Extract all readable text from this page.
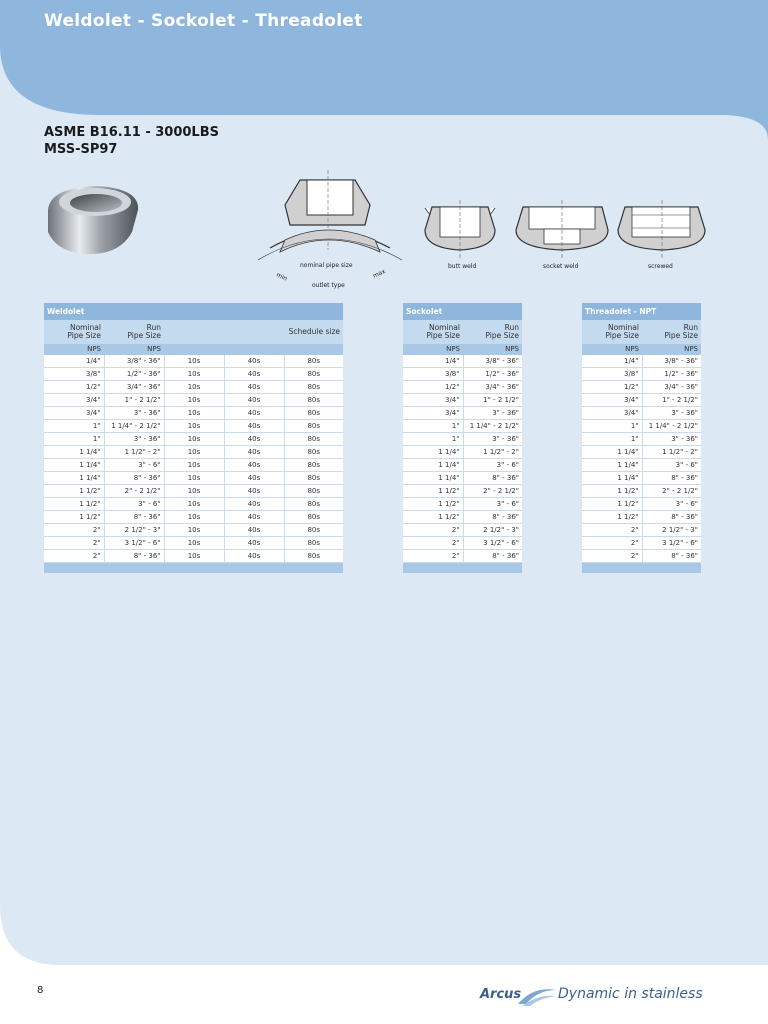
Weldolet - Sockolet - Threadolet
ASME B16.11 - 3000LBS
MSS-SP97
nominal pipe size
min	max
outlet type
butt weld	socket weld	screwed
Weldolet				
Nominal
Pipe Size	Run
Pipe Size	Schedule size		
NPS	NPS			
1/4"	3/8" - 36"	10s	40s	80s
3/8"	1/2" - 36"	10s	40s	80s
1/2"	3/4" - 36"	10s	40s	80s
3/4"	1" - 2 1/2"	10s	40s	80s
3/4"	3" - 36"	10s	40s	80s
1"	1 1/4" - 2 1/2"	10s	40s	80s
1"	3" - 36"	10s	40s	80s
1 1/4"	1 1/2" - 2"	10s	40s	80s
1 1/4"	3" - 6"	10s	40s	80s
1 1/4"	8" - 36"	10s	40s	80s
1 1/2"	2" - 2 1/2"	10s	40s	80s
1 1/2"	3" - 6"	10s	40s	80s
1 1/2"	8" - 36"	10s	40s	80s
2"	2 1/2" - 3"	10s	40s	80s
2"	3 1/2" - 6"	10s	40s	80s
2"	8" - 36"	10s	40s	80s

Sockolet	
Nominal
Pipe Size	Run
Pipe Size
NPS	NPS
1/4"	3/8" - 36"
3/8"	1/2" - 36"
1/2"	3/4" - 36"
3/4"	1" - 2 1/2"
3/4"	3" - 36"
1"	1 1/4" - 2 1/2"
1"	3" - 36"
1 1/4"	1 1/2" - 2"
1 1/4"	3" - 6"
1 1/4"	8" - 36"
1 1/2"	2" - 2 1/2"
1 1/2"	3" - 6"
1 1/2"	8" - 36"
2"	2 1/2" - 3"
2"	3 1/2" - 6"
2"	8" - 36"

Threadolet - NPT	
Nominal
Pipe Size	Run
Pipe Size
NPS	NPS
1/4"	3/8" - 36"
3/8"	1/2" - 36"
1/2"	3/4" - 36"
3/4"	1" - 2 1/2"
3/4"	3" - 36"
1"	1 1/4" - 2 1/2"
1"	3" - 36"
1 1/4"	1 1/2" - 2"
1 1/4"	3" - 6"
1 1/4"	8" - 36"
1 1/2"	2" - 2 1/2"
1 1/2"	3" - 6"
1 1/2"	8" - 36"
2"	2 1/2" - 3"
2"	3 1/2" - 6"
2"	8" - 36"

8	Arcus	Dynamic in stainless
